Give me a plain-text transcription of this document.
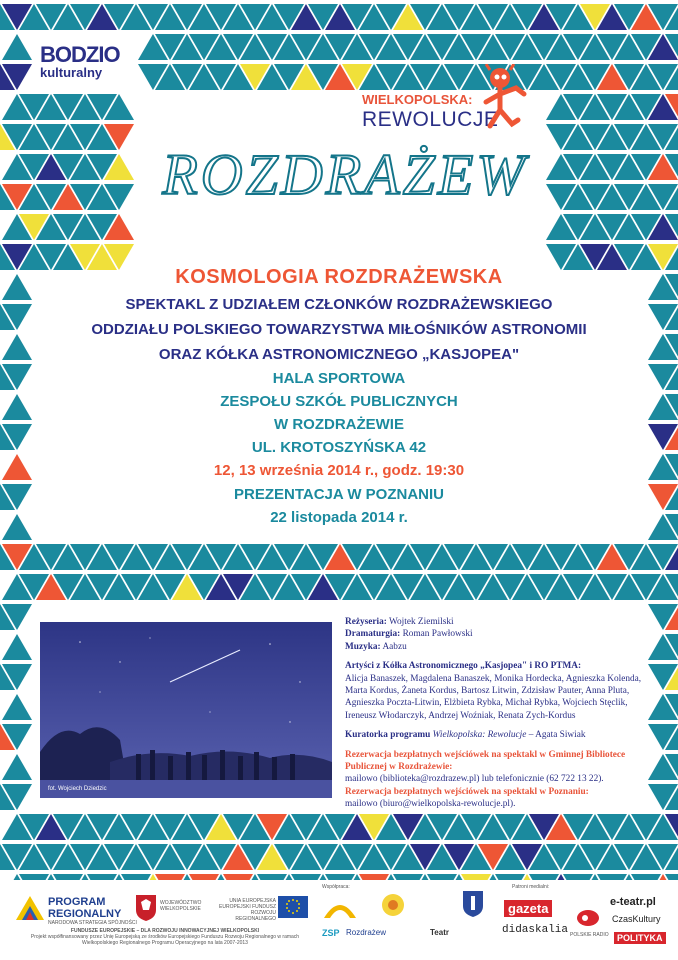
BODZIO
kulturalny
WIELKOPOLSKA:
REWOLUCJE
ROZDRAŻEW
KOSMOLOGIA ROZDRAŻEWSKA
SPEKTAKL Z UDZIAŁEM CZŁONKÓW ROZDRAŻEWSKIEGO
ODDZIAŁU POLSKIEGO TOWARZYSTWA MIŁOŚNIKÓW ASTRONOMII
ORAZ KÓŁKA ASTRONOMICZNEGO „KASJOPEA"
HALA SPORTOWA
ZESPOŁU SZKÓŁ PUBLICZNYCH
W ROZDRAŻEWIE
UL. KROTOSZYŃSKA 42
12, 13 września 2014 r., godz. 19:30
PREZENTACJA W POZNANIU
22 listopada 2014 r.
fot. Wojciech Dziedzic

Reżyseria: Wojtek Ziemilski

Dramaturgia: Roman Pawłowski

Muzyka: Aabzu

Artyści z Kółka Astronomicznego „Kasjopea" i RO PTMA:

Alicja Banaszek, Magdalena Banaszek, Monika Hordecka, Agnieszka Kolenda, Marta Kordus, Żaneta Kordus, Bartosz Litwin, Zdzisław Pauter, Anna Pluta, Agnieszka Poczta-Litwin, Elżbieta Rybka, Michał Rybka, Wojciech Stęclik, Ireneusz Włodarczyk, Andrzej Woźniak, Renata Zych-Kordus

Kuratorka programu Wielkopolska: Rewolucje – Agata Siwiak

Rezerwacja bezpłatnych wejściówek na spektakl w Gminnej Bibliotece Publicznej w Rozdrażewie:

mailowo (biblioteka@rozdrazew.pl) lub telefonicznie (62 722 13 22).

Rezerwacja bezpłatnych wejściówek na spektakl w Poznaniu:

mailowo (biuro@wielkopolska-rewolucje.pl).

PROGRAM
REGIONALNY
NARODOWA STRATEGIA SPÓJNOŚCI
WOJEWÓDZTWO WIELKOPOLSKIE
UNIA EUROPEJSKA EUROPEJSKI FUNDUSZ ROZWOJU REGIONALNEGO
FUNDUSZE EUROPEJSKIE – DLA ROZWOJU INNOWACYJNEJ WIELKOPOLSKI
Projekt współfinansowany przez Unię Europejską ze środków Europejskiego Funduszu Rozwoju Regionalnego w ramach Wielkopolskiego Regionalnego Programu Operacyjnego na lata 2007-2013
Współpraca:
ZSP Rozdrażew	Teatr
Patroni medialni:
gazeta
didaskalia POLSKIE RADIO
e-teatr.pl
CzasKultury
POLITYKA
